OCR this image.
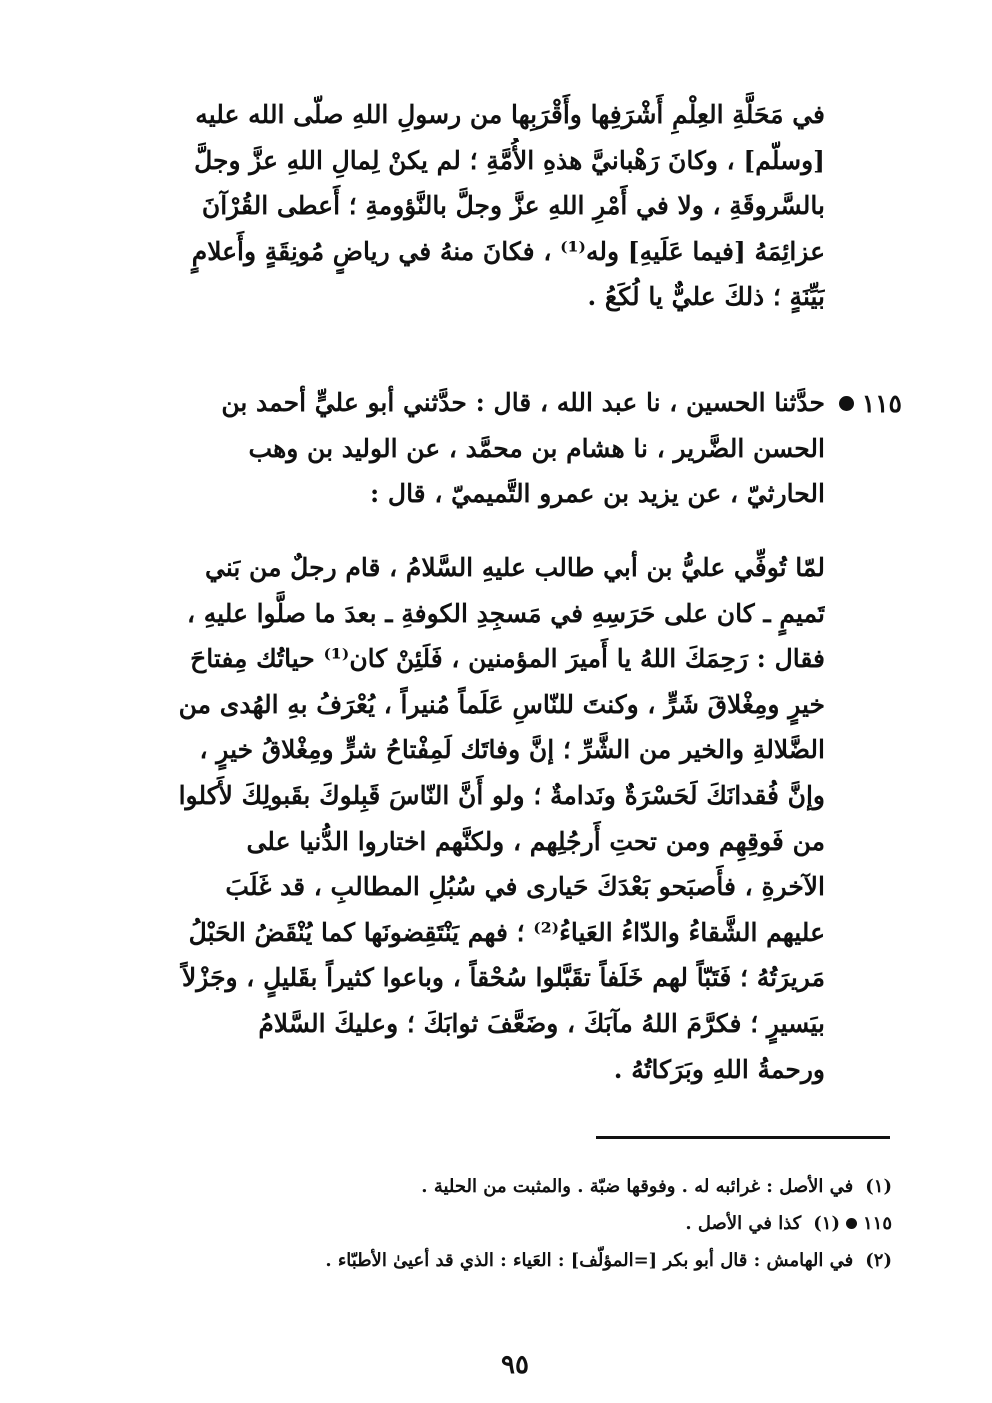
في مَحَلَّةِ العِلْمِ أَشْرَفِها وأَقْرَبِها من رسولِ اللهِ صلّى الله عليه
[وسلّم] ، وكانَ رَهْبانيَّ هذهِ الأُمَّةِ ؛ لم يكنْ لِمالِ اللهِ عزَّ وجلَّ
بالسَّروقَةِ ، ولا في أَمْرِ اللهِ عزَّ وجلَّ بالنَّؤومةِ ؛ أَعطى القُرْآنَ
عزائِمَهُ [فيما عَلَيهِ] وله⁽¹⁾ ، فكانَ منهُ في رياضٍ مُونِقَةٍ وأَعلامٍ
بَيِّنَةٍ ؛ ذلكَ عليٌّ يا لُكَعُ .
١١٥
حدَّثنا الحسين ، نا عبد الله ، قال : حدَّثني أبو عليٍّ أحمد بن
الحسن الضَّرير ، نا هشام بن محمَّد ، عن الوليد بن وهب
الحارثيّ ، عن يزيد بن عمرو التَّميميّ ، قال :
لمّا تُوفِّي عليُّ بن أبي طالب عليهِ السَّلامُ ، قام رجلٌ من بَني
تَميمٍ ـ كان على حَرَسِهِ في مَسجِدِ الكوفةِ ـ بعدَ ما صلَّوا عليهِ ،
فقال : رَحِمَكَ اللهُ يا أَميرَ المؤمنين ، فَلَئِنْ كان⁽¹⁾ حياتُك مِفتاحَ
خيرٍ ومِغْلاقَ شَرٍّ ، وكنتَ للنّاسِ عَلَماً مُنيراً ، يُعْرَفُ بهِ الهُدى من
الضَّلالةِ والخير من الشَّرِّ ؛ إنَّ وفاتَك لَمِفْتاحُ شرٍّ ومِغْلاقُ خيرٍ ،
وإنَّ فُقدانَكَ لَحَسْرَةٌ ونَدامةٌ ؛ ولو أَنَّ النّاسَ قَبِلوكَ بقَبولِكَ لأَكلوا
من فَوقِهِم ومن تحتِ أَرجُلِهم ، ولكنَّهم اختاروا الدُّنيا على
الآخرةِ ، فأَصبَحو بَعْدَكَ حَيارى في سُبُلِ المطالبِ ، قد غَلَبَ
عليهم الشَّقاءُ والدّاءُ العَياءُ⁽²⁾ ؛ فهم يَنْتَقِضونَها كما يُنْقَضُ الحَبْلُ
مَريرَتُهُ ؛ فَتَبّاً لهم خَلَفاً تقَبَّلوا سُحْقاً ، وباعوا كثيراً بقَليلٍ ، وجَزْلاً
بيَسيرٍ ؛ فكرَّمَ اللهُ مآبَكَ ، وضَعَّفَ ثوابَكَ ؛ وعليكَ السَّلامُ
ورحمةُ اللهِ وبَرَكاتُهُ .
(١)
في الأصل : غرائبه له . وفوقها ضبّة . والمثبت من الحلية .
١١٥
(١)
كذا في الأصل .
(٢)
في الهامش : قال أبو بكر [=المؤلّف] : العَياء : الذي قد أعيىٰ الأطبّاء .
٩٥
